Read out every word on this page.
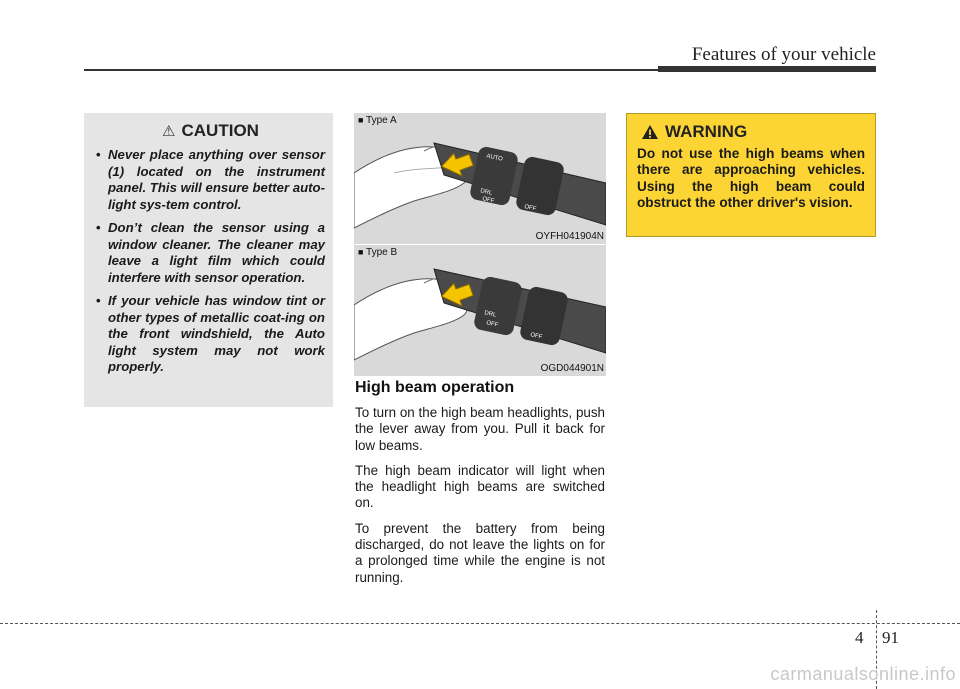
Features of your vehicle
⚠ CAUTION
• Never place anything over sensor (1) located on the instrument panel. This will ensure better auto-light sys-tem control.
• Don’t clean the sensor using a window cleaner. The cleaner may leave a light film which could interfere with sensor operation.
• If your vehicle has window tint or other types of metallic coat-ing on the front windshield, the Auto light system may not work properly.
AUTO
DRL
OFF
OFF
■ Type A
OYFH041904N
DRL
OFF
OFF
■ Type B
OGD044901N
High beam operation

To turn on the high beam headlights, push the lever away from you. Pull it back for low beams.

The high beam indicator will light when the headlight high beams are switched on.

To prevent the battery from being discharged, do not leave the lights on for a prolonged time while the engine is not running.

WARNING
Do not use the high beams when there are approaching vehicles. Using the high beam could obstruct the other driver's vision.
4 91
carmanualsonline.info
